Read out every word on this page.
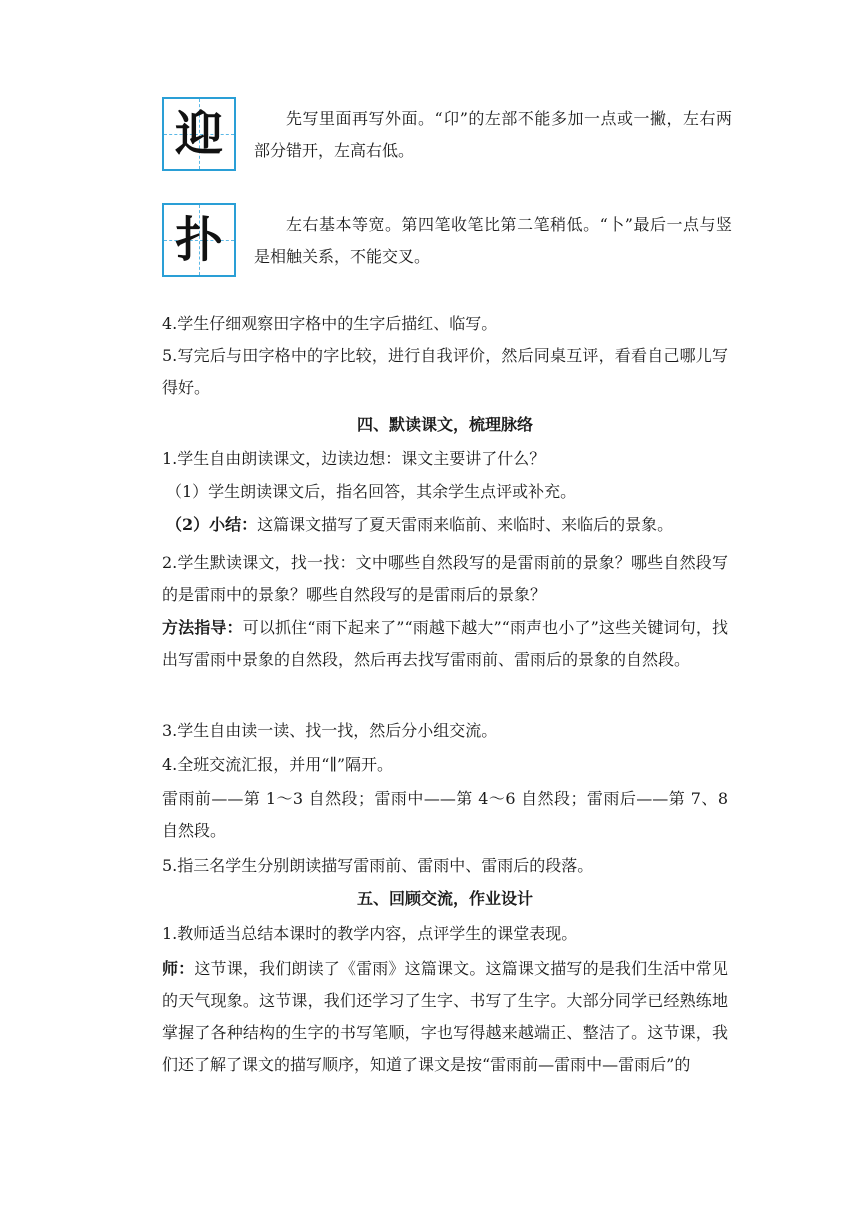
迎	先写里面再写外面。“卬”的左部不能多加一点或一撇，左右两部分错开，左高右低。
扑	左右基本等宽。第四笔收笔比第二笔稍低。“卜”最后一点与竖是相触关系，不能交叉。
4.学生仔细观察田字格中的生字后描红、临写。
5.写完后与田字格中的字比较，进行自我评价，然后同桌互评，看看自己哪儿写得好。
四、默读课文，梳理脉络
1.学生自由朗读课文，边读边想：课文主要讲了什么？
（1）学生朗读课文后，指名回答，其余学生点评或补充。
（2）小结：这篇课文描写了夏天雷雨来临前、来临时、来临后的景象。
2.学生默读课文，找一找：文中哪些自然段写的是雷雨前的景象？哪些自然段写的是雷雨中的景象？哪些自然段写的是雷雨后的景象？
方法指导：可以抓住“雨下起来了”“雨越下越大”“雨声也小了”这些关键词句，找出写雷雨中景象的自然段，然后再去找写雷雨前、雷雨后的景象的自然段。
3.学生自由读一读、找一找，然后分小组交流。
4.全班交流汇报，并用“∥”隔开。
雷雨前——第 1～3 自然段；雷雨中——第 4～6 自然段；雷雨后——第 7、8 自然段。
5.指三名学生分别朗读描写雷雨前、雷雨中、雷雨后的段落。
五、回顾交流，作业设计
1.教师适当总结本课时的教学内容，点评学生的课堂表现。
师：这节课，我们朗读了《雷雨》这篇课文。这篇课文描写的是我们生活中常见的天气现象。这节课，我们还学习了生字、书写了生字。大部分同学已经熟练地掌握了各种结构的生字的书写笔顺，字也写得越来越端正、整洁了。这节课，我们还了解了课文的描写顺序，知道了课文是按“雷雨前—雷雨中—雷雨后”的
